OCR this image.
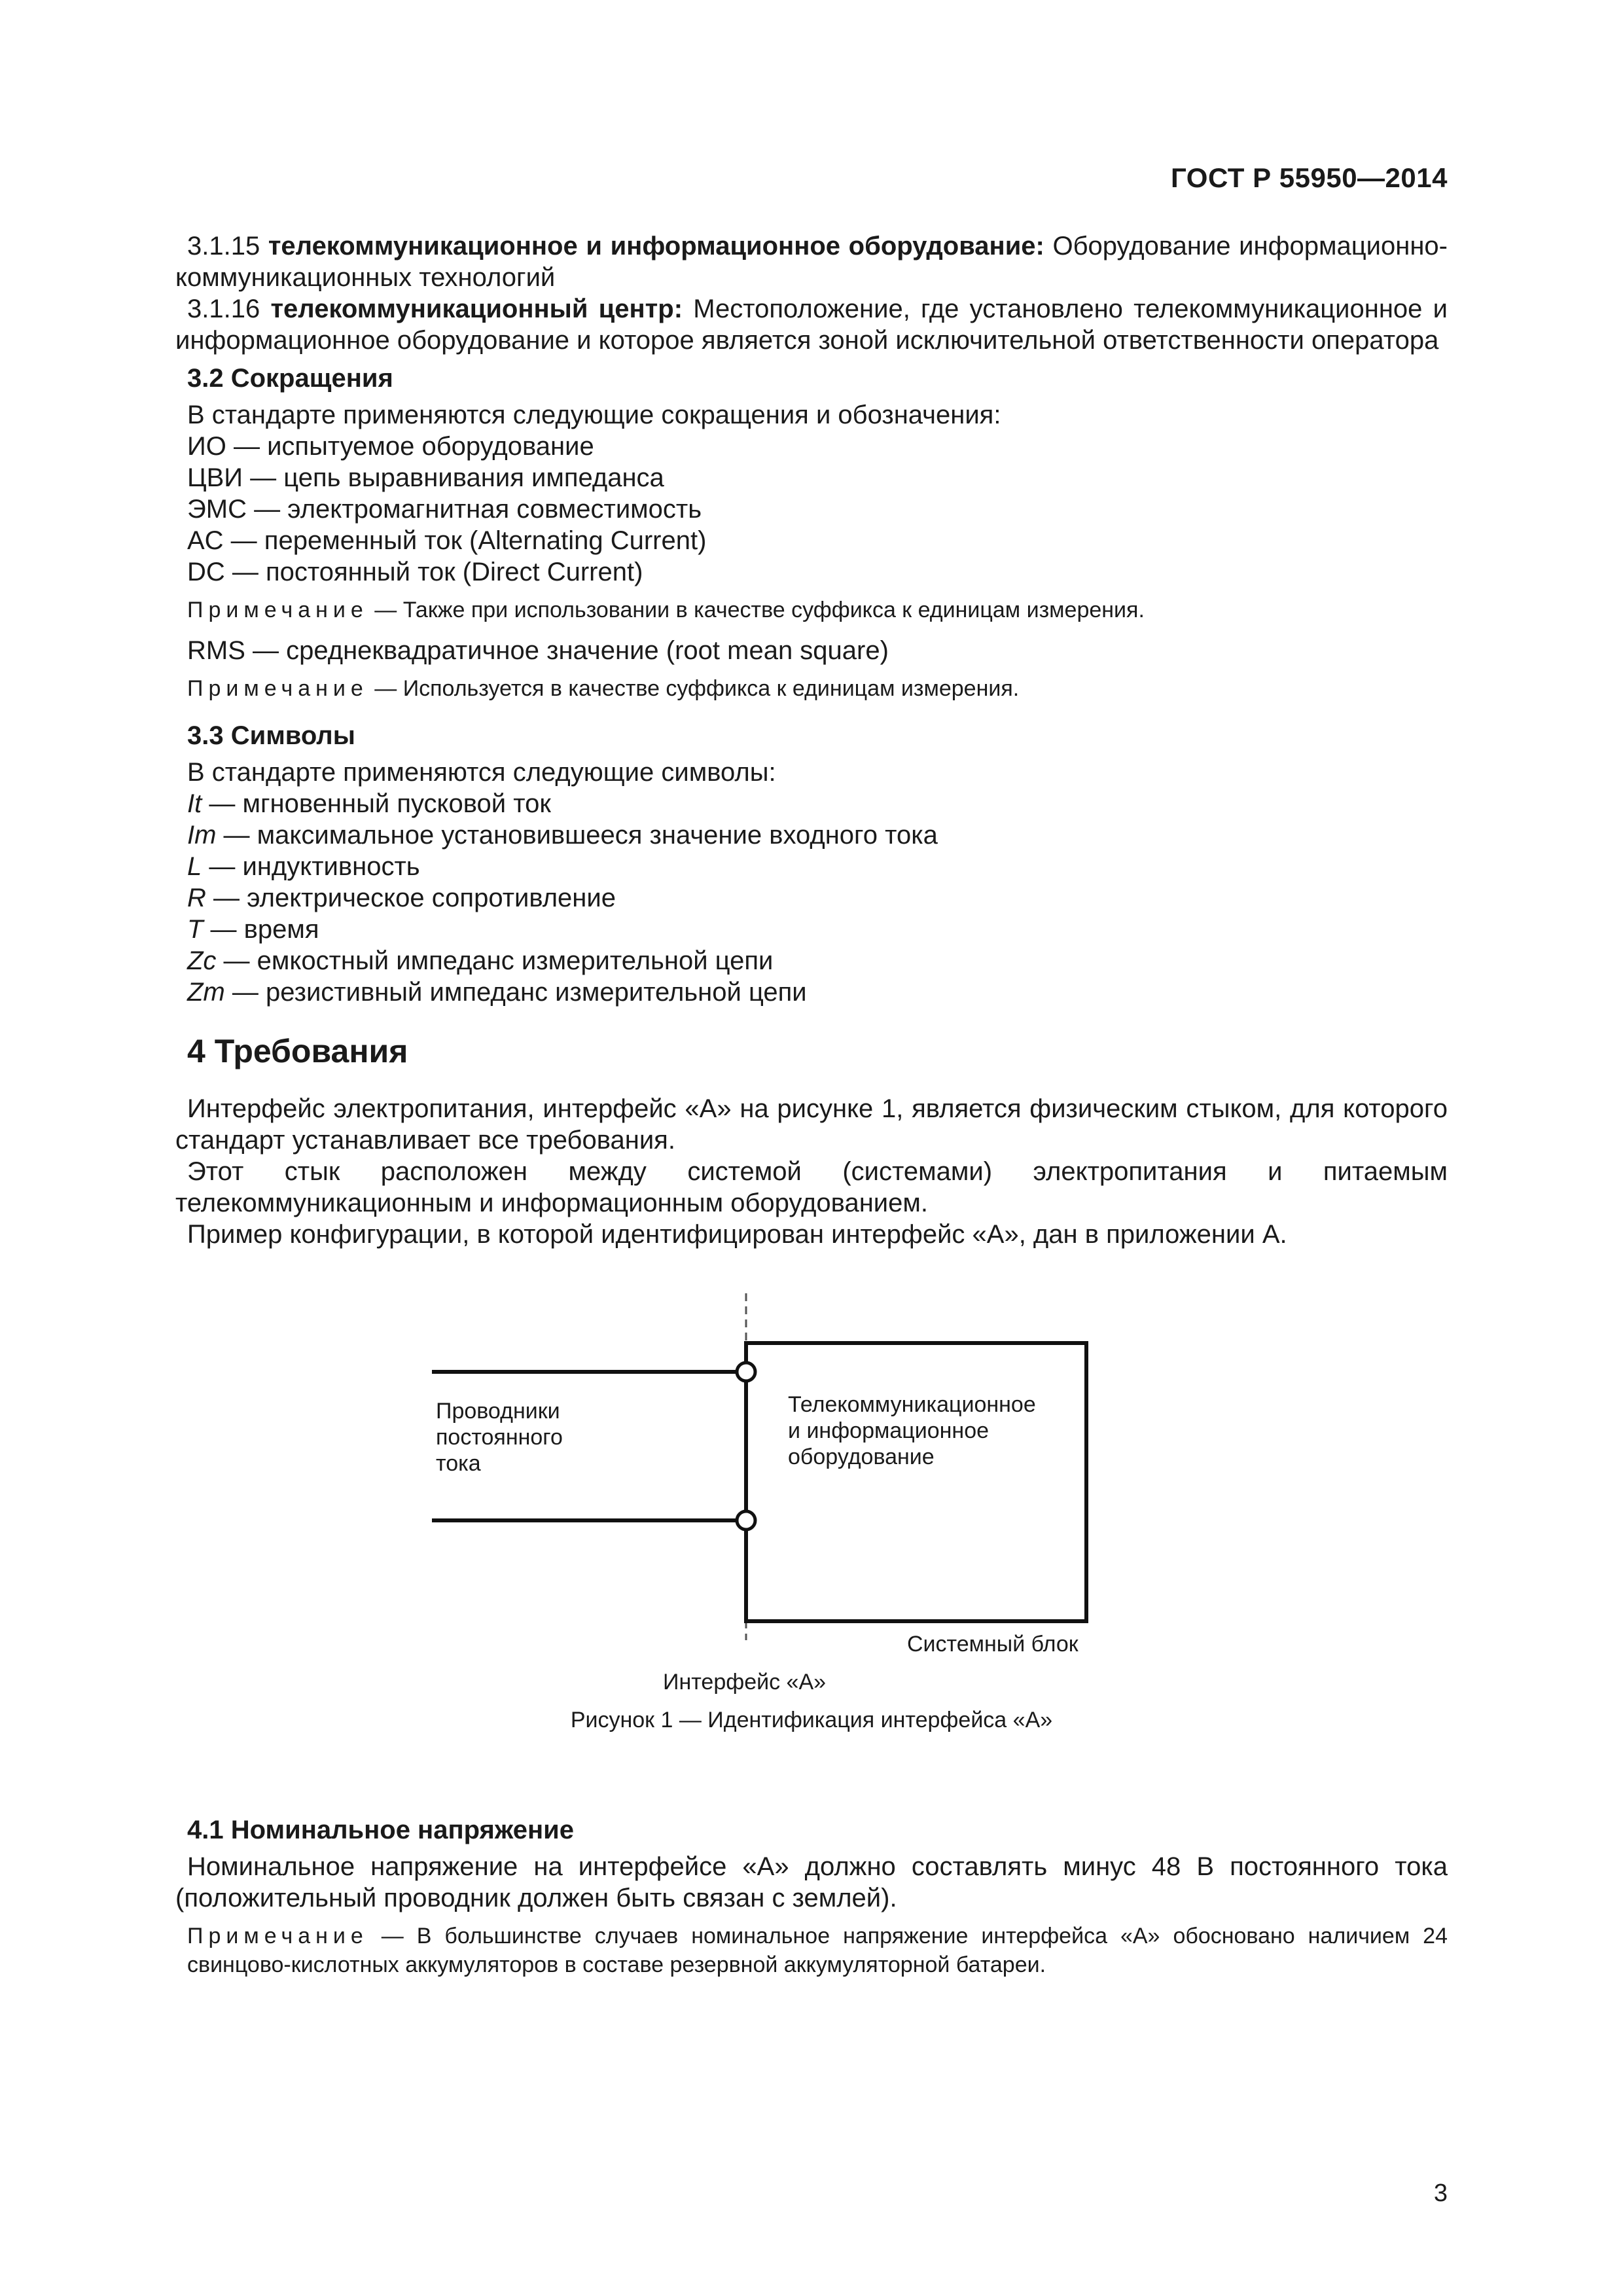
ГОСТ Р 55950—2014

3.1.15 телекоммуникационное и информационное оборудование: Оборудование информационно-коммуникационных технологий

3.1.16 телекоммуникационный центр: Местоположение, где установлено телекоммуникационное и информационное оборудование и которое является зоной исключительной ответственности оператора

3.2 Сокращения

В стандарте применяются следующие сокращения и обозначения:

ИО — испытуемое оборудование

ЦВИ — цепь выравнивания импеданса

ЭМС — электромагнитная совместимость

AC — переменный ток (Alternating Current)

DC — постоянный ток (Direct Current)

Примечание — Также при использовании в качестве суффикса к единицам измерения.

RMS — среднеквадратичное значение (root mean square)

Примечание — Используется в качестве суффикса к единицам измерения.

3.3 Символы

В стандарте применяются следующие символы:

It — мгновенный пусковой ток

Im — максимальное установившееся значение входного тока

L — индуктивность

R — электрическое сопротивление

T — время

Zc — емкостный импеданс измерительной цепи

Zm — резистивный импеданс измерительной цепи

4 Требования

Интерфейс электропитания, интерфейс «А» на рисунке 1, является физическим стыком, для которого стандарт устанавливает все требования.

Этот стык расположен между системой (системами) электропитания и питаемым телекоммуникационным и информационным оборудованием.

Пример конфигурации, в которой идентифицирован интерфейс «А», дан в приложении А.

Проводники
постоянного
тока
Телекоммуникационное
и информационное
оборудование
Системный блок
Интерфейс «А»
Рисунок 1 — Идентификация интерфейса «А»
4.1 Номинальное напряжение

Номинальное напряжение на интерфейсе «А» должно составлять минус 48 В постоянного тока (положительный проводник должен быть связан с землей).

Примечание — В большинстве случаев номинальное напряжение интерфейса «А» обосновано наличием 24 свинцово-кислотных аккумуляторов в составе резервной аккумуляторной батареи.

3
